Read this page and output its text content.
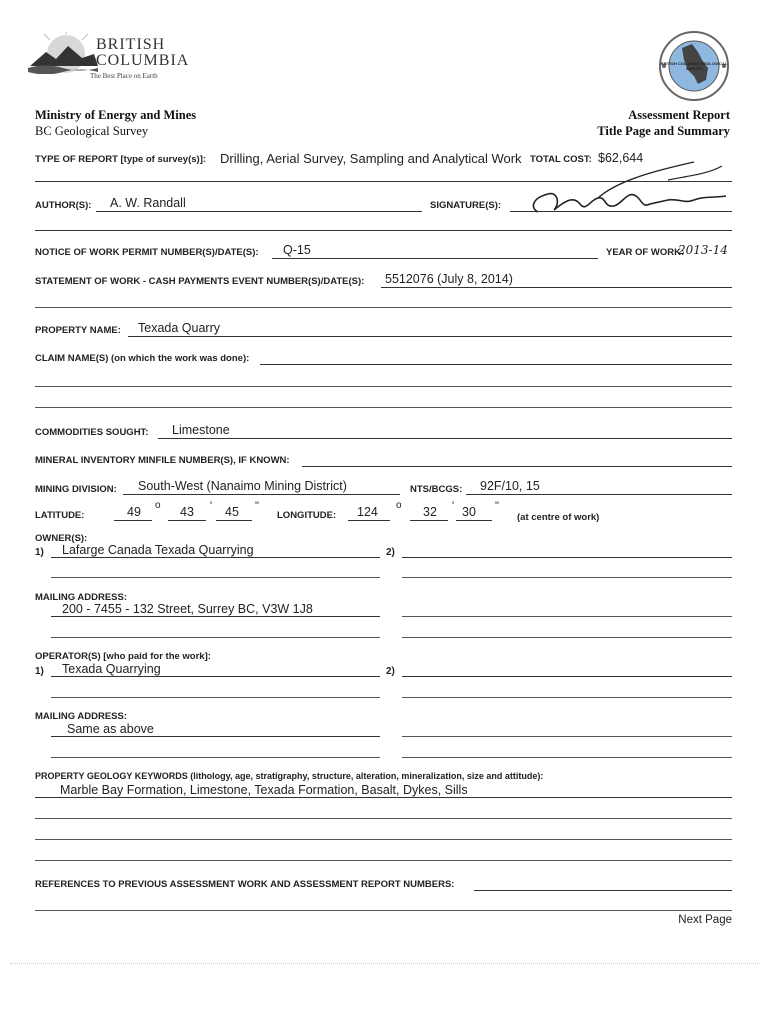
BRITISH
COLUMBIA
The Best Place on Earth
BRITISH COLUMBIA GEOLOGICAL SURVEY
Ministry of Energy and Mines
BC Geological Survey
Assessment Report
Title Page and Summary
TYPE OF REPORT [type of survey(s)]: Drilling, Aerial Survey, Sampling and Analytical Work TOTAL COST: $62,644
AUTHOR(S): A. W. Randall	SIGNATURE(S):
NOTICE OF WORK PERMIT NUMBER(S)/DATE(S): Q-15	YEAR OF WORK:
2013-14
STATEMENT OF WORK - CASH PAYMENTS EVENT NUMBER(S)/DATE(S): 5512076 (July 8, 2014)
PROPERTY NAME: Texada Quarry
CLAIM NAME(S) (on which the work was done):
COMMODITIES SOUGHT: Limestone
MINERAL INVENTORY MINFILE NUMBER(S), IF KNOWN:
MINING DIVISION: South-West (Nanaimo Mining District)	NTS/BCGS: 92F/10, 15
LATITUDE:	49 o 43 ' 45 "
LONGITUDE: 124 o 32 ' 30 "
(at centre of work)
OWNER(S):
1) Lafarge Canada Texada Quarrying	2)
MAILING ADDRESS:
200 - 7455 - 132 Street, Surrey BC, V3W 1J8
OPERATOR(S) [who paid for the work]:
1) Texada Quarrying	2)
MAILING ADDRESS:
Same as above
PROPERTY GEOLOGY KEYWORDS (lithology, age, stratigraphy, structure, alteration, mineralization, size and attitude):
Marble Bay Formation, Limestone, Texada Formation, Basalt, Dykes, Sills
REFERENCES TO PREVIOUS ASSESSMENT WORK AND ASSESSMENT REPORT NUMBERS:
Next Page
